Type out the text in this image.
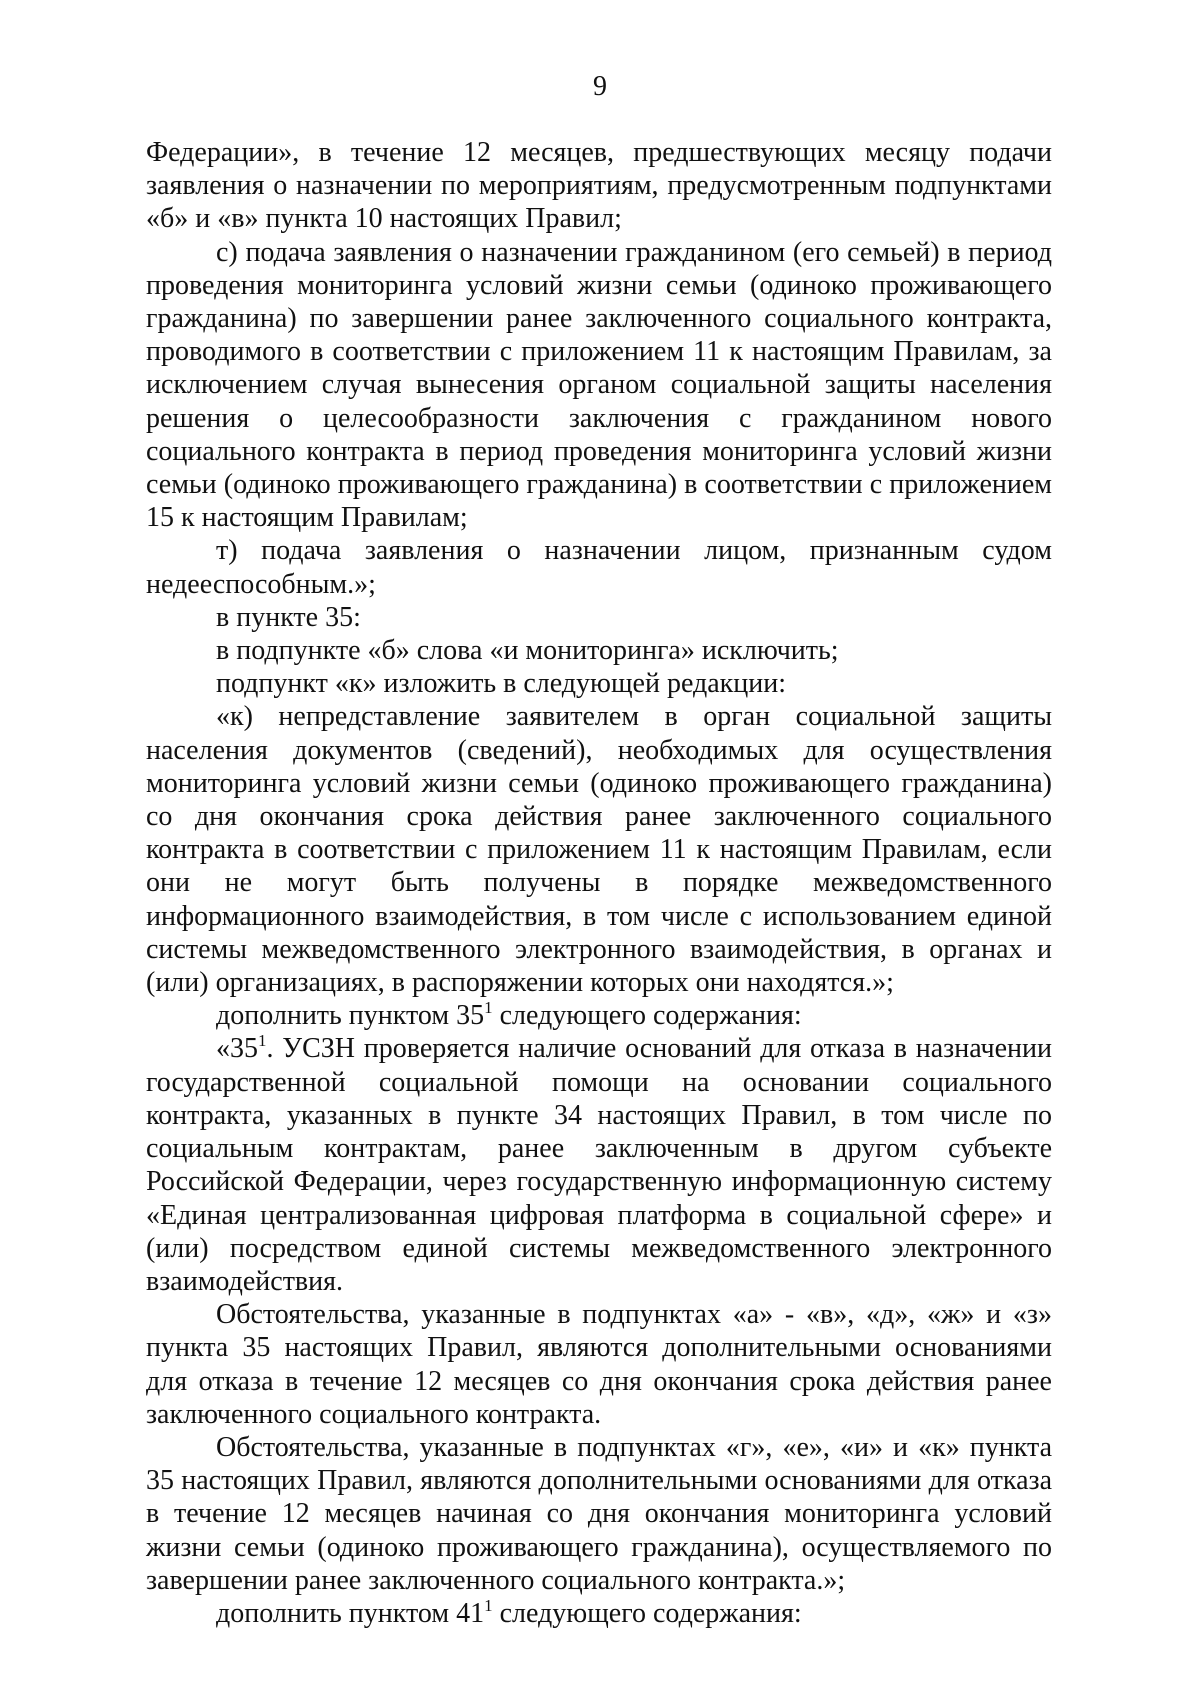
9

Федерации», в течение 12 месяцев, предшествующих месяцу подачи заявления о назначении по мероприятиям, предусмотренным подпунктами «б» и «в» пункта 10 настоящих Правил;

с) подача заявления о назначении гражданином (его семьей) в период проведения мониторинга условий жизни семьи (одиноко проживающего гражданина) по завершении ранее заключенного социального контракта, проводимого в соответствии с приложением 11 к настоящим Правилам, за исключением случая вынесения органом социальной защиты населения решения о целесообразности заключения с гражданином нового социального контракта в период проведения мониторинга условий жизни семьи (одиноко проживающего гражданина) в соответствии с приложением 15 к настоящим Правилам;

т) подача заявления о назначении лицом, признанным судом недееспособным.»;

в пункте 35:

в подпункте «б» слова «и мониторинга» исключить;

подпункт «к» изложить в следующей редакции:

«к) непредставление заявителем в орган социальной защиты населения документов (сведений), необходимых для осуществления мониторинга условий жизни семьи (одиноко проживающего гражданина) со дня окончания срока действия ранее заключенного социального контракта в соответствии с приложением 11 к настоящим Правилам, если они не могут быть получены в порядке межведомственного информационного взаимодействия, в том числе с использованием единой системы межведомственного электронного взаимодействия, в органах и (или) организациях, в распоряжении которых они находятся.»;

дополнить пунктом $35^1$ следующего содержания:

«$35^1$. УСЗН проверяется наличие оснований для отказа в назначении государственной социальной помощи на основании социального контракта, указанных в пункте 34 настоящих Правил, в том числе по социальным контрактам, ранее заключенным в другом субъекте Российской Федерации, через государственную информационную систему «Единая централизованная цифровая платформа в социальной сфере» и (или) посредством единой системы межведомственного электронного взаимодействия.

Обстоятельства, указанные в подпунктах «а» - «в», «д», «ж» и «з» пункта 35 настоящих Правил, являются дополнительными основаниями для отказа в течение 12 месяцев со дня окончания срока действия ранее заключенного социального контракта.

Обстоятельства, указанные в подпунктах «г», «е», «и» и «к» пункта 35 настоящих Правил, являются дополнительными основаниями для отказа в течение 12 месяцев начиная со дня окончания мониторинга условий жизни семьи (одиноко проживающего гражданина), осуществляемого по завершении ранее заключенного социального контракта.»;

дополнить пунктом $41^1$ следующего содержания:
